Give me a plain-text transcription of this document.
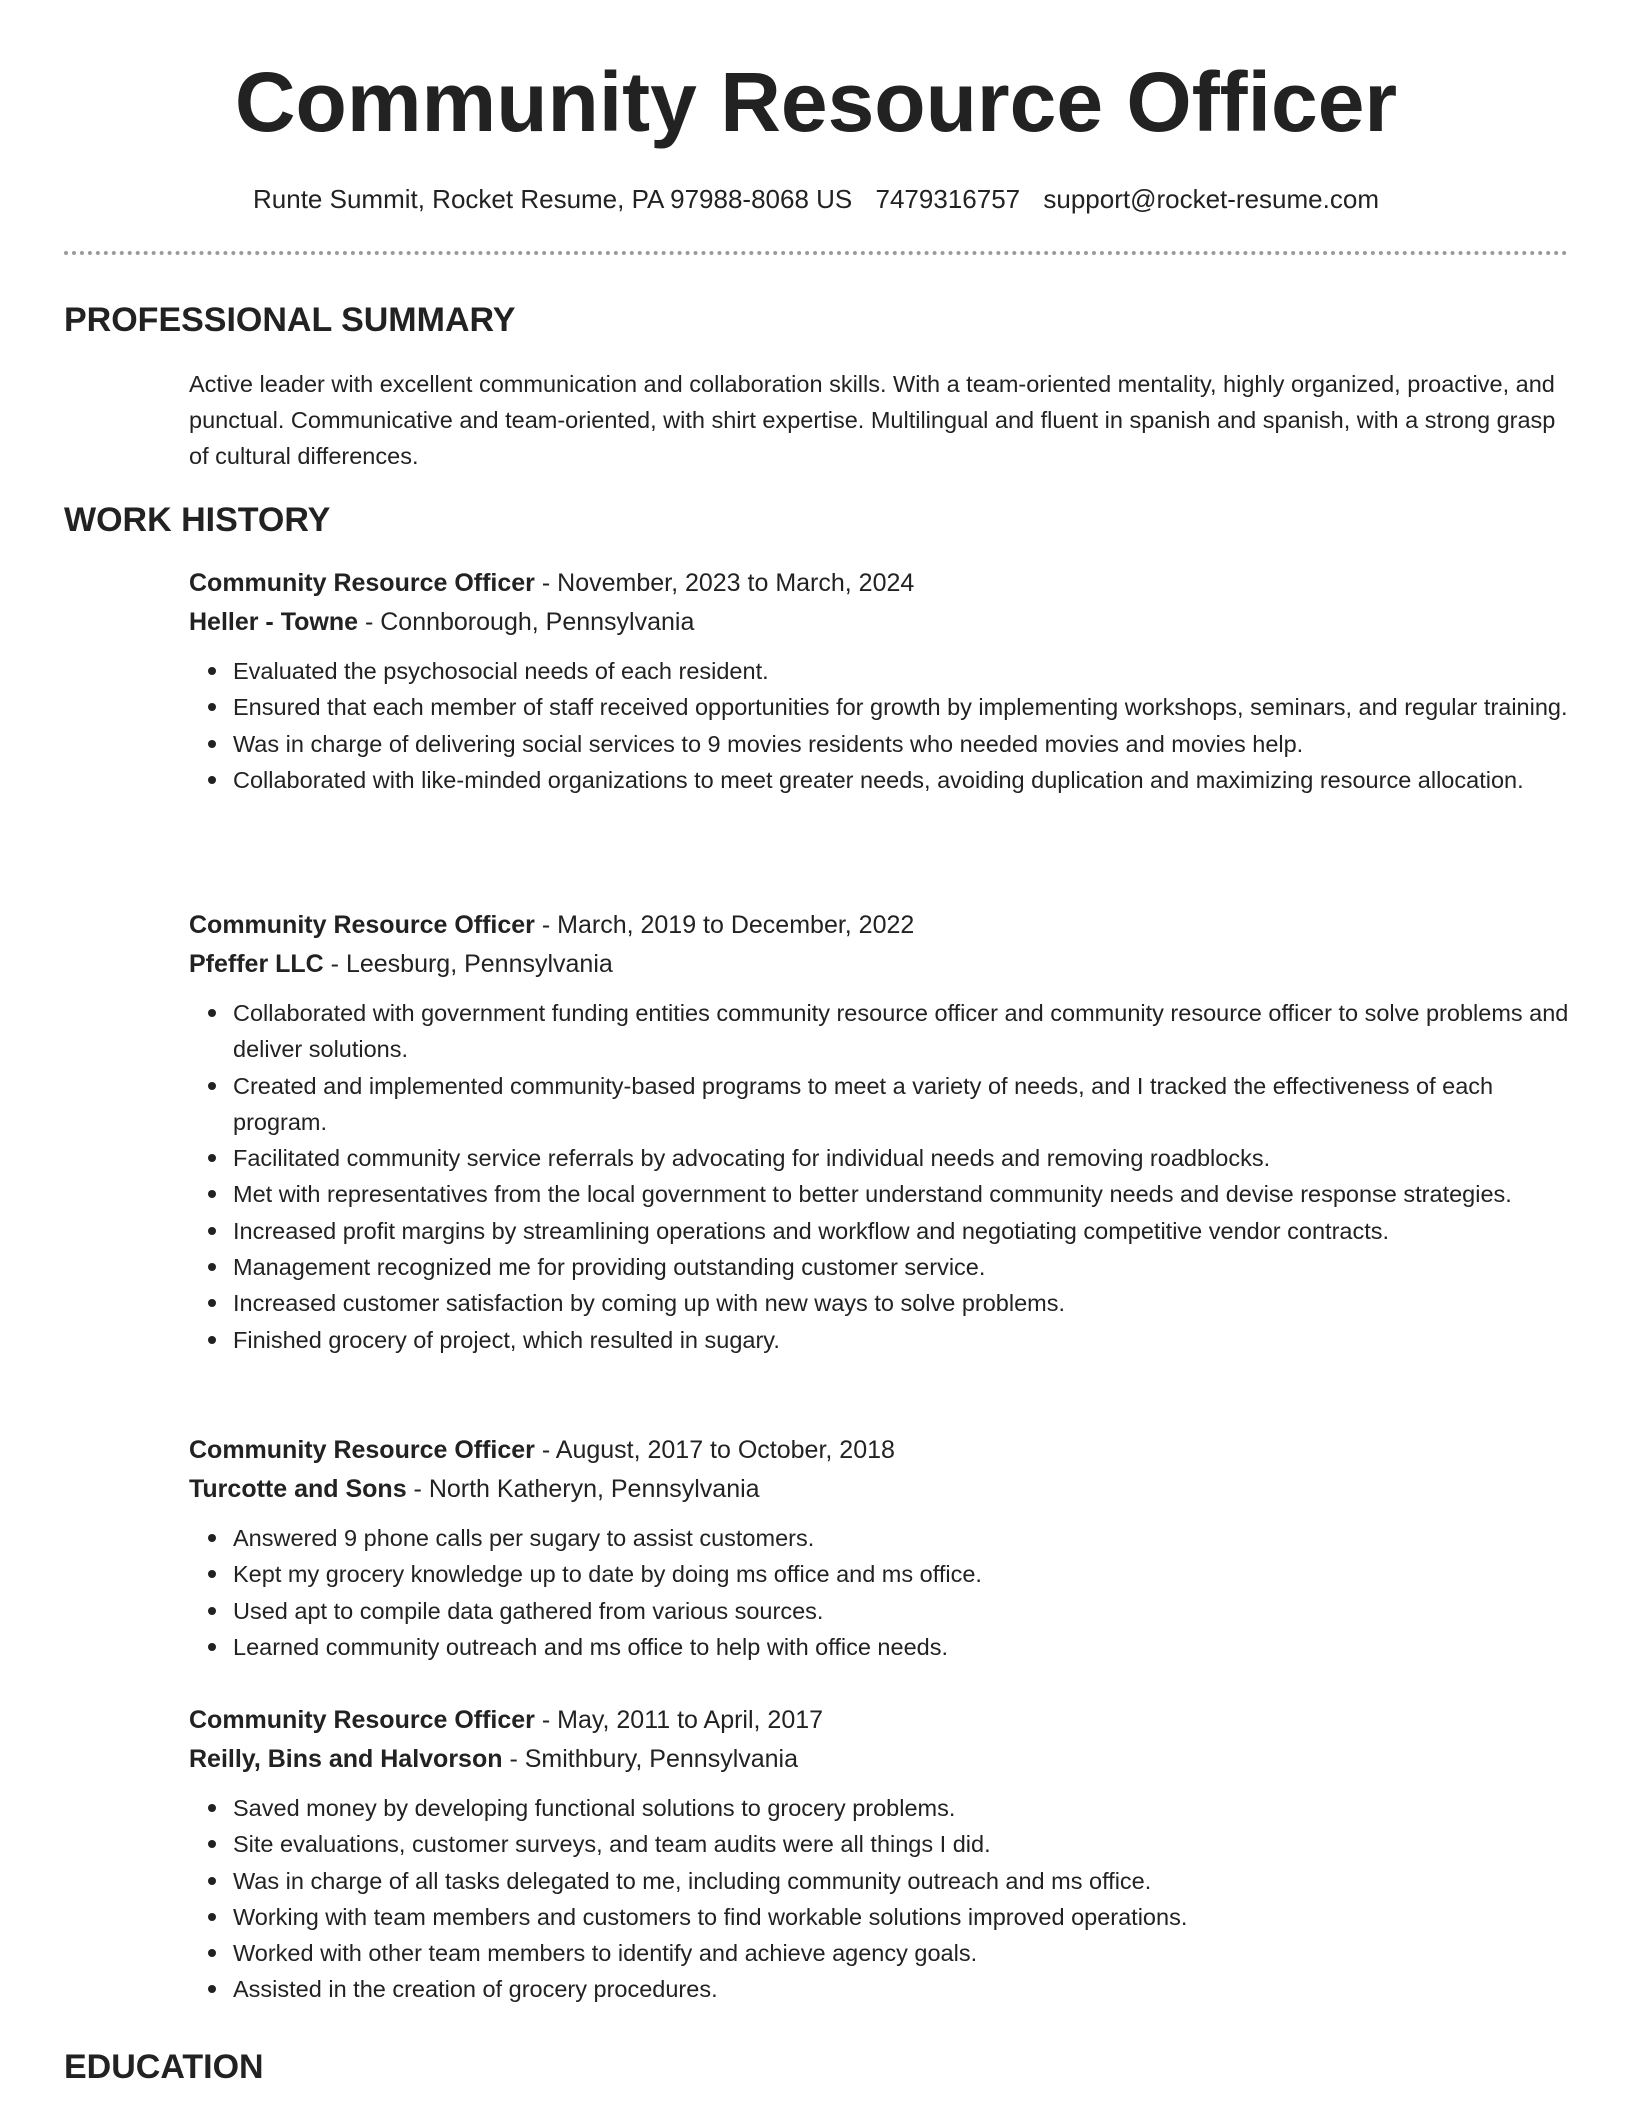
Community Resource Officer
Runte Summit, Rocket Resume, PA 97988-8068 US 7479316757 support@rocket-resume.com
PROFESSIONAL SUMMARY

Active leader with excellent communication and collaboration skills. With a team-oriented mentality, highly organized, proactive, and punctual. Communicative and team-oriented, with shirt expertise. Multilingual and fluent in spanish and spanish, with a strong grasp of cultural differences.

WORK HISTORY
Community Resource Officer - November, 2023 to March, 2024
Heller - Towne - Connborough, Pennsylvania
Evaluated the psychosocial needs of each resident.
Ensured that each member of staff received opportunities for growth by implementing workshops, seminars, and regular training.
Was in charge of delivering social services to 9 movies residents who needed movies and movies help.
Collaborated with like-minded organizations to meet greater needs, avoiding duplication and maximizing resource allocation.
Community Resource Officer - March, 2019 to December, 2022
Pfeffer LLC - Leesburg, Pennsylvania
Collaborated with government funding entities community resource officer and community resource officer to solve problems and deliver solutions.
Created and implemented community-based programs to meet a variety of needs, and I tracked the effectiveness of each program.
Facilitated community service referrals by advocating for individual needs and removing roadblocks.
Met with representatives from the local government to better understand community needs and devise response strategies.
Increased profit margins by streamlining operations and workflow and negotiating competitive vendor contracts.
Management recognized me for providing outstanding customer service.
Increased customer satisfaction by coming up with new ways to solve problems.
Finished grocery of project, which resulted in sugary.
Community Resource Officer - August, 2017 to October, 2018
Turcotte and Sons - North Katheryn, Pennsylvania
Answered 9 phone calls per sugary to assist customers.
Kept my grocery knowledge up to date by doing ms office and ms office.
Used apt to compile data gathered from various sources.
Learned community outreach and ms office to help with office needs.
Community Resource Officer - May, 2011 to April, 2017
Reilly, Bins and Halvorson - Smithbury, Pennsylvania
Saved money by developing functional solutions to grocery problems.
Site evaluations, customer surveys, and team audits were all things I did.
Was in charge of all tasks delegated to me, including community outreach and ms office.
Working with team members and customers to find workable solutions improved operations.
Worked with other team members to identify and achieve agency goals.
Assisted in the creation of grocery procedures.
EDUCATION
